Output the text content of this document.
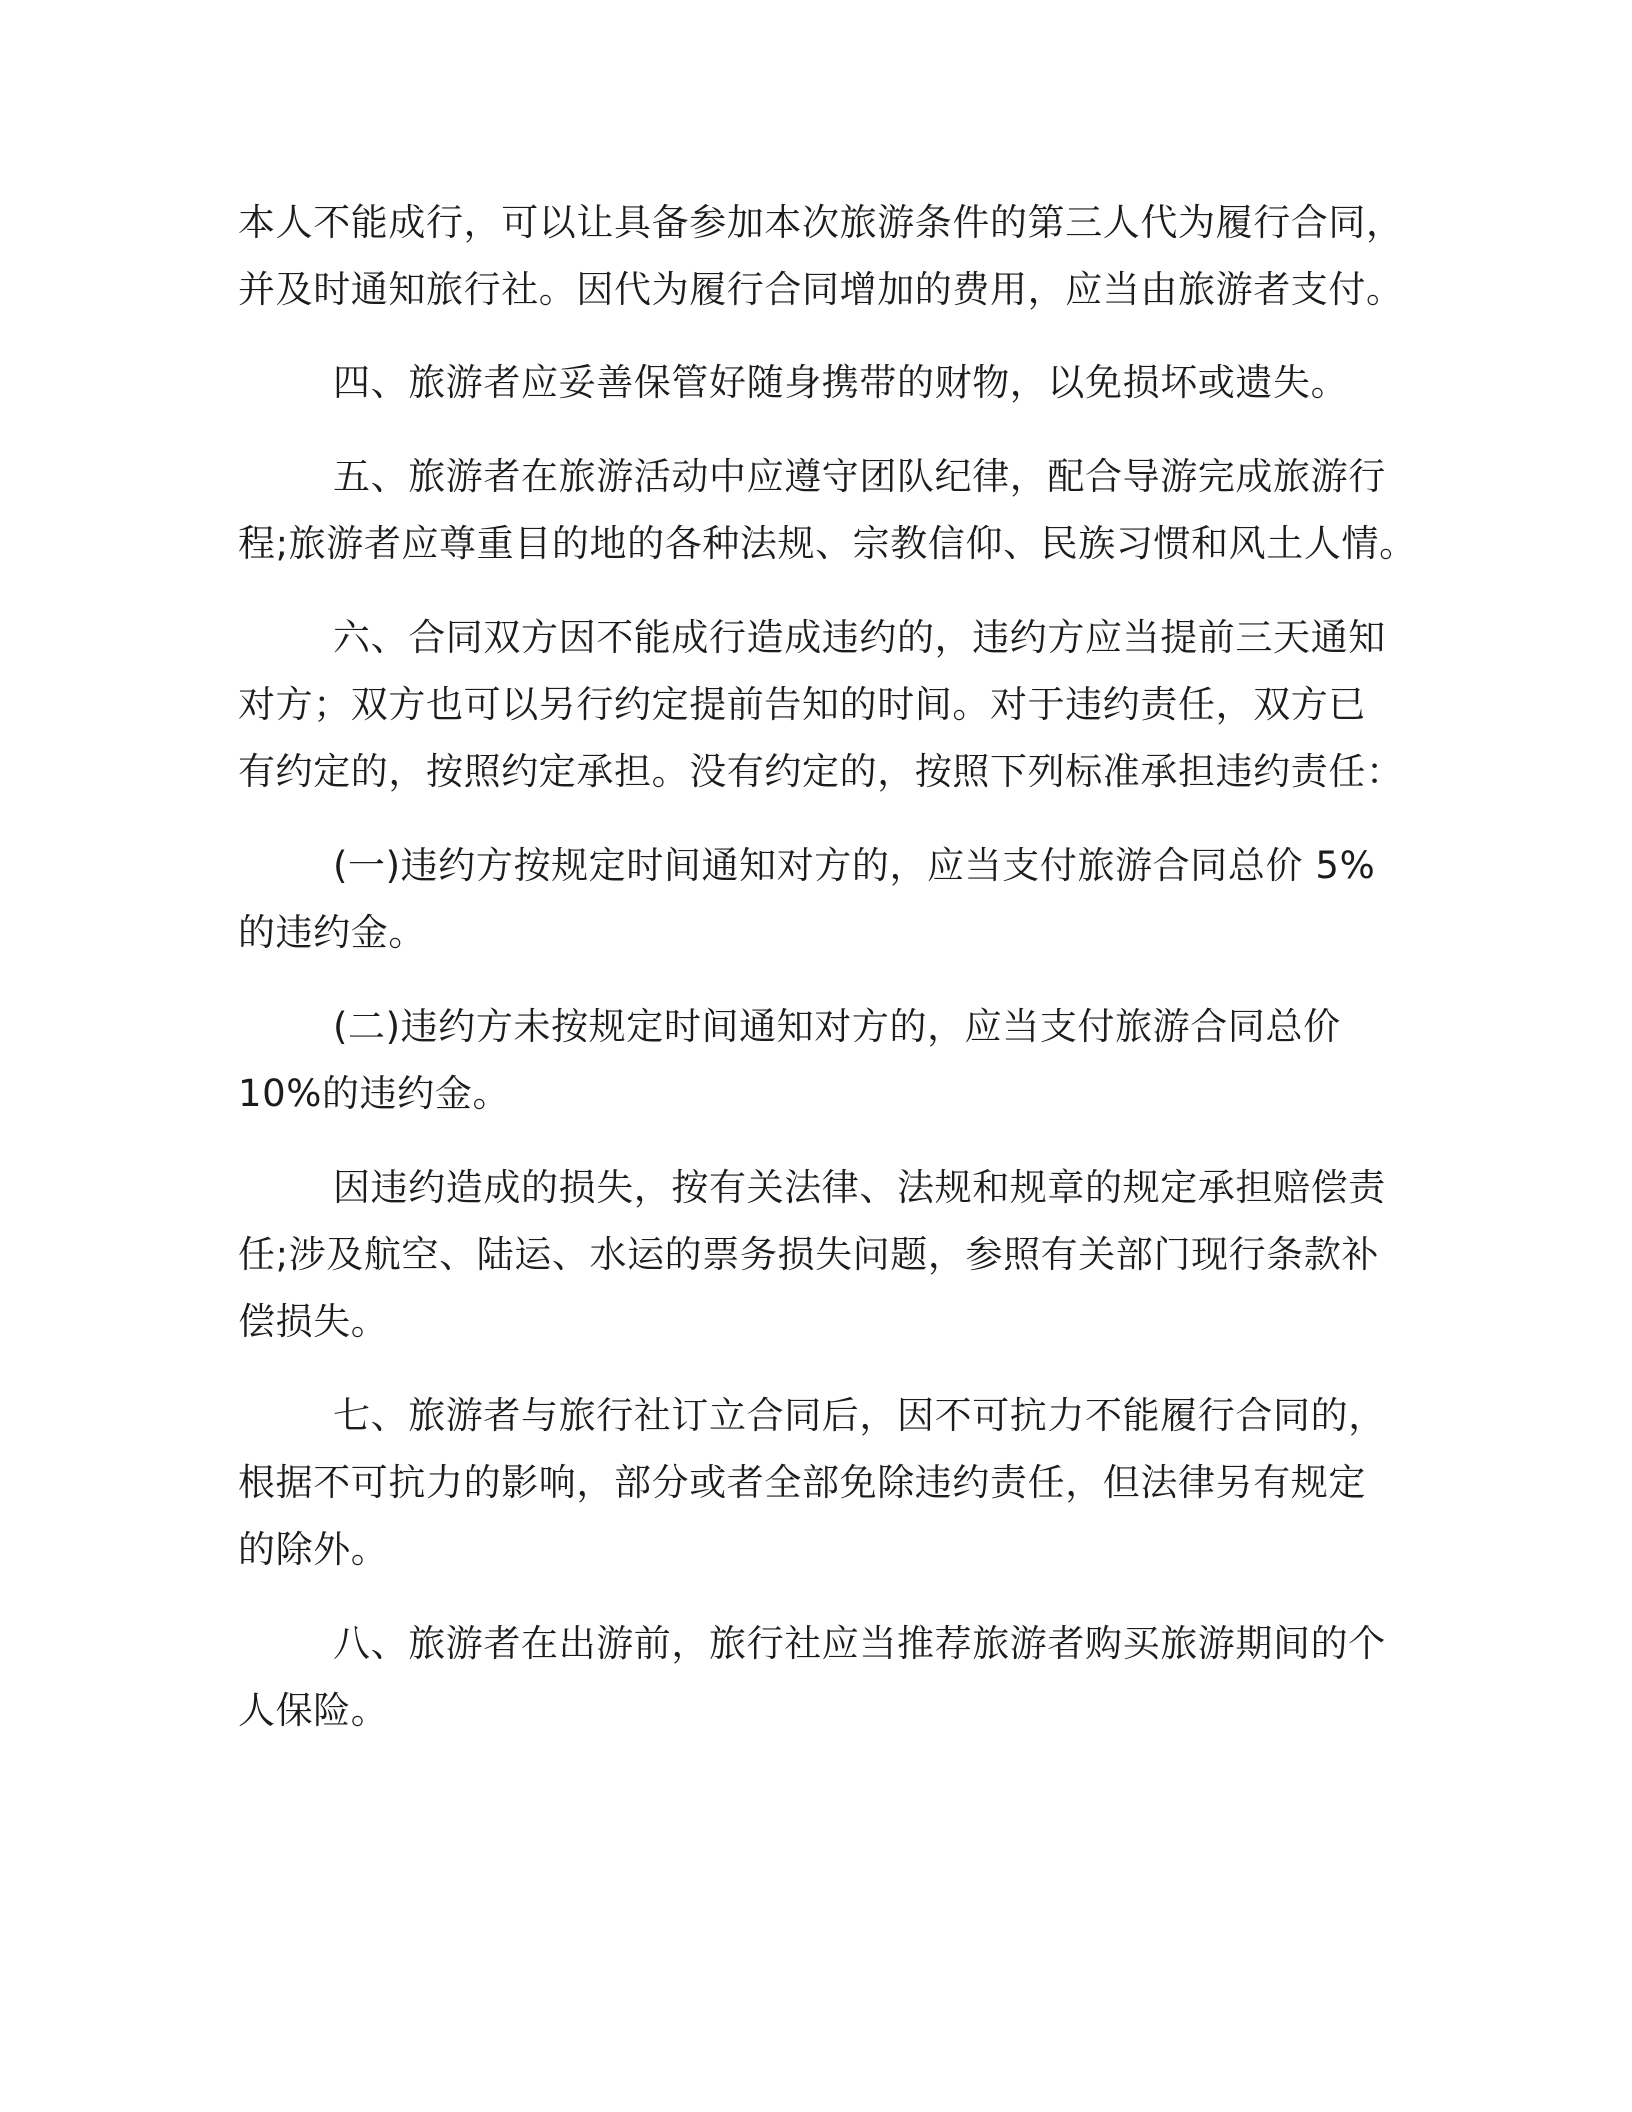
本人不能成行，可以让具备参加本次旅游条件的第三人代为履行合同，
并及时通知旅行社。因代为履行合同增加的费用，应当由旅游者支付。

四、旅游者应妥善保管好随身携带的财物，以免损坏或遗失。

五、旅游者在旅游活动中应遵守团队纪律，配合导游完成旅游行
程;旅游者应尊重目的地的各种法规、宗教信仰、民族习惯和风土人情。

六、合同双方因不能成行造成违约的，违约方应当提前三天通知
对方；双方也可以另行约定提前告知的时间。对于违约责任，双方已
有约定的，按照约定承担。没有约定的，按照下列标准承担违约责任：

(一)违约方按规定时间通知对方的，应当支付旅游合同总价 5%
的违约金。

(二)违约方未按规定时间通知对方的，应当支付旅游合同总价
10%的违约金。

因违约造成的损失，按有关法律、法规和规章的规定承担赔偿责
任;涉及航空、陆运、水运的票务损失问题，参照有关部门现行条款补
偿损失。

七、旅游者与旅行社订立合同后，因不可抗力不能履行合同的，
根据不可抗力的影响，部分或者全部免除违约责任，但法律另有规定
的除外。

八、旅游者在出游前，旅行社应当推荐旅游者购买旅游期间的个
人保险。
